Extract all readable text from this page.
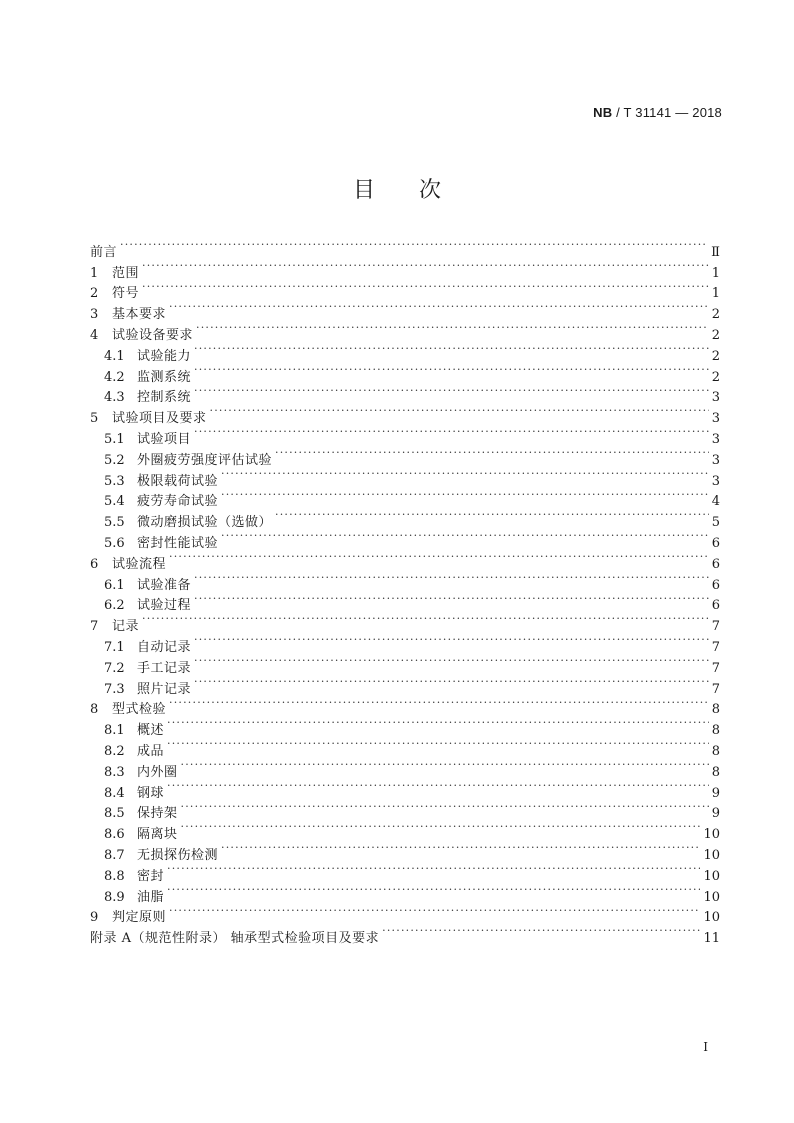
NB / T 31141 — 2018
目次
前言 ·····	Ⅱ
1	范围 ·····	1
2	符号 ·····	1
3	基本要求 ·····	2
4	试验设备要求 ·····	2
4.1 试验能力 ·····	2
4.2 监测系统 ·····	2
4.3 控制系统 ·····	3
5	试验项目及要求 ·····	3
5.1 试验项目 ·····	3
5.2 外圈疲劳强度评估试验 ·····	3
5.3 极限载荷试验 ·····	3
5.4 疲劳寿命试验 ·····	4
5.5 微动磨损试验（选做） ·····	5
5.6 密封性能试验 ·····	6
6	试验流程 ·····	6
6.1 试验准备 ·····	6
6.2 试验过程 ·····	6
7	记录 ·····	7
7.1 自动记录 ·····	7
7.2 手工记录 ·····	7
7.3 照片记录 ·····	7
8	型式检验 ·····	8
8.1 概述 ·····	8
8.2 成品 ·····	8
8.3 内外圈 ·····	8
8.4 钢球 ·····	9
8.5 保持架 ·····	9
8.6 隔离块 ·····	10
8.7 无损探伤检测 ·····	10
8.8 密封 ·····	10
8.9 油脂 ·····	10
9	判定原则 ·····	10
附录 A（规范性附录） 轴承型式检验项目及要求 ·····	11
I
